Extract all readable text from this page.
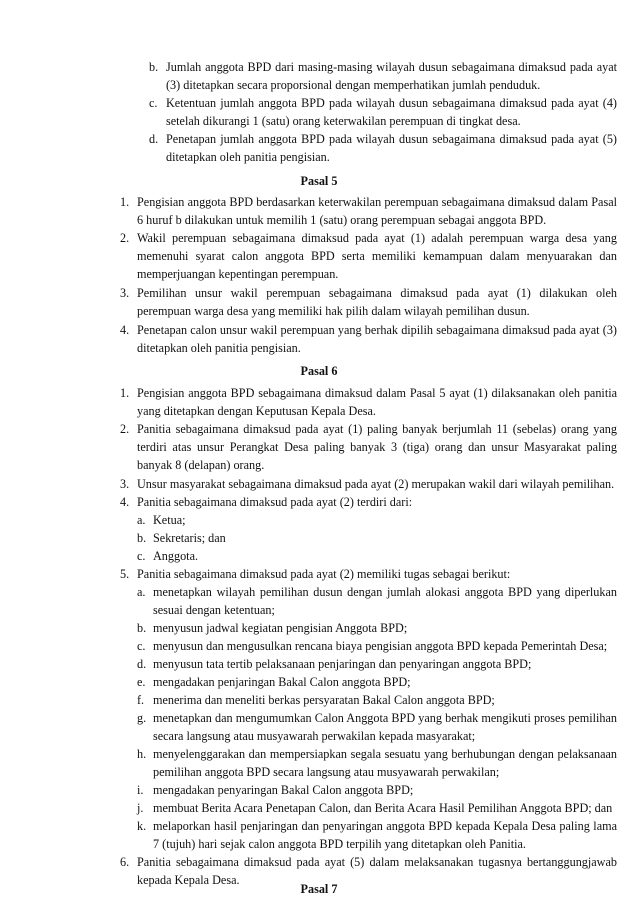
b. Jumlah anggota BPD dari masing-masing wilayah dusun sebagaimana dimaksud pada ayat (3) ditetapkan secara proporsional dengan memperhatikan jumlah penduduk.
c. Ketentuan jumlah anggota BPD pada wilayah dusun sebagaimana dimaksud pada ayat (4) setelah dikurangi 1 (satu) orang keterwakilan perempuan di tingkat desa.
d. Penetapan jumlah anggota BPD pada wilayah dusun sebagaimana dimaksud pada ayat (5) ditetapkan oleh panitia pengisian.
Pasal 5
1. Pengisian anggota BPD berdasarkan keterwakilan perempuan sebagaimana dimaksud dalam Pasal 6 huruf b dilakukan untuk memilih 1 (satu) orang perempuan sebagai anggota BPD.
2. Wakil perempuan sebagaimana dimaksud pada ayat (1) adalah perempuan warga desa yang memenuhi syarat calon anggota BPD serta memiliki kemampuan dalam menyuarakan dan memperjuangan kepentingan perempuan.
3. Pemilihan unsur wakil perempuan sebagaimana dimaksud pada ayat (1) dilakukan oleh perempuan warga desa yang memiliki hak pilih dalam wilayah pemilihan dusun.
4. Penetapan calon unsur wakil perempuan yang berhak dipilih sebagaimana dimaksud pada ayat (3) ditetapkan oleh panitia pengisian.
Pasal 6
1. Pengisian anggota BPD sebagaimana dimaksud dalam Pasal 5 ayat (1) dilaksanakan oleh panitia yang ditetapkan dengan Keputusan Kepala Desa.
2. Panitia sebagaimana dimaksud pada ayat (1) paling banyak berjumlah 11 (sebelas) orang yang terdiri atas unsur Perangkat Desa paling banyak 3 (tiga) orang dan unsur Masyarakat paling banyak 8 (delapan) orang.
3. Unsur masyarakat sebagaimana dimaksud pada ayat (2) merupakan wakil dari wilayah pemilihan.
4. Panitia sebagaimana dimaksud pada ayat (2) terdiri dari:
a. Ketua;
b. Sekretaris; dan
c. Anggota.
5. Panitia sebagaimana dimaksud pada ayat (2) memiliki tugas sebagai berikut:
a. menetapkan wilayah pemilihan dusun dengan jumlah alokasi anggota BPD yang diperlukan sesuai dengan ketentuan;
b. menyusun jadwal kegiatan pengisian Anggota BPD;
c. menyusun dan mengusulkan rencana biaya pengisian anggota BPD kepada Pemerintah Desa;
d. menyusun tata tertib pelaksanaan penjaringan dan penyaringan anggota BPD;
e. mengadakan penjaringan Bakal Calon anggota BPD;
f. menerima dan meneliti berkas persyaratan Bakal Calon anggota BPD;
g. menetapkan dan mengumumkan Calon Anggota BPD yang berhak mengikuti proses pemilihan secara langsung atau musyawarah perwakilan kepada masyarakat;
h. menyelenggarakan dan mempersiapkan segala sesuatu yang berhubungan dengan pelaksanaan pemilihan anggota BPD secara langsung atau musyawarah perwakilan;
i. mengadakan penyaringan Bakal Calon anggota BPD;
j. membuat Berita Acara Penetapan Calon, dan Berita Acara Hasil Pemilihan Anggota BPD; dan
k. melaporkan hasil penjaringan dan penyaringan anggota BPD kepada Kepala Desa paling lama 7 (tujuh) hari sejak calon anggota BPD terpilih yang ditetapkan oleh Panitia.
6. Panitia sebagaimana dimaksud pada ayat (5) dalam melaksanakan tugasnya bertanggungjawab kepada Kepala Desa.
Pasal 7
